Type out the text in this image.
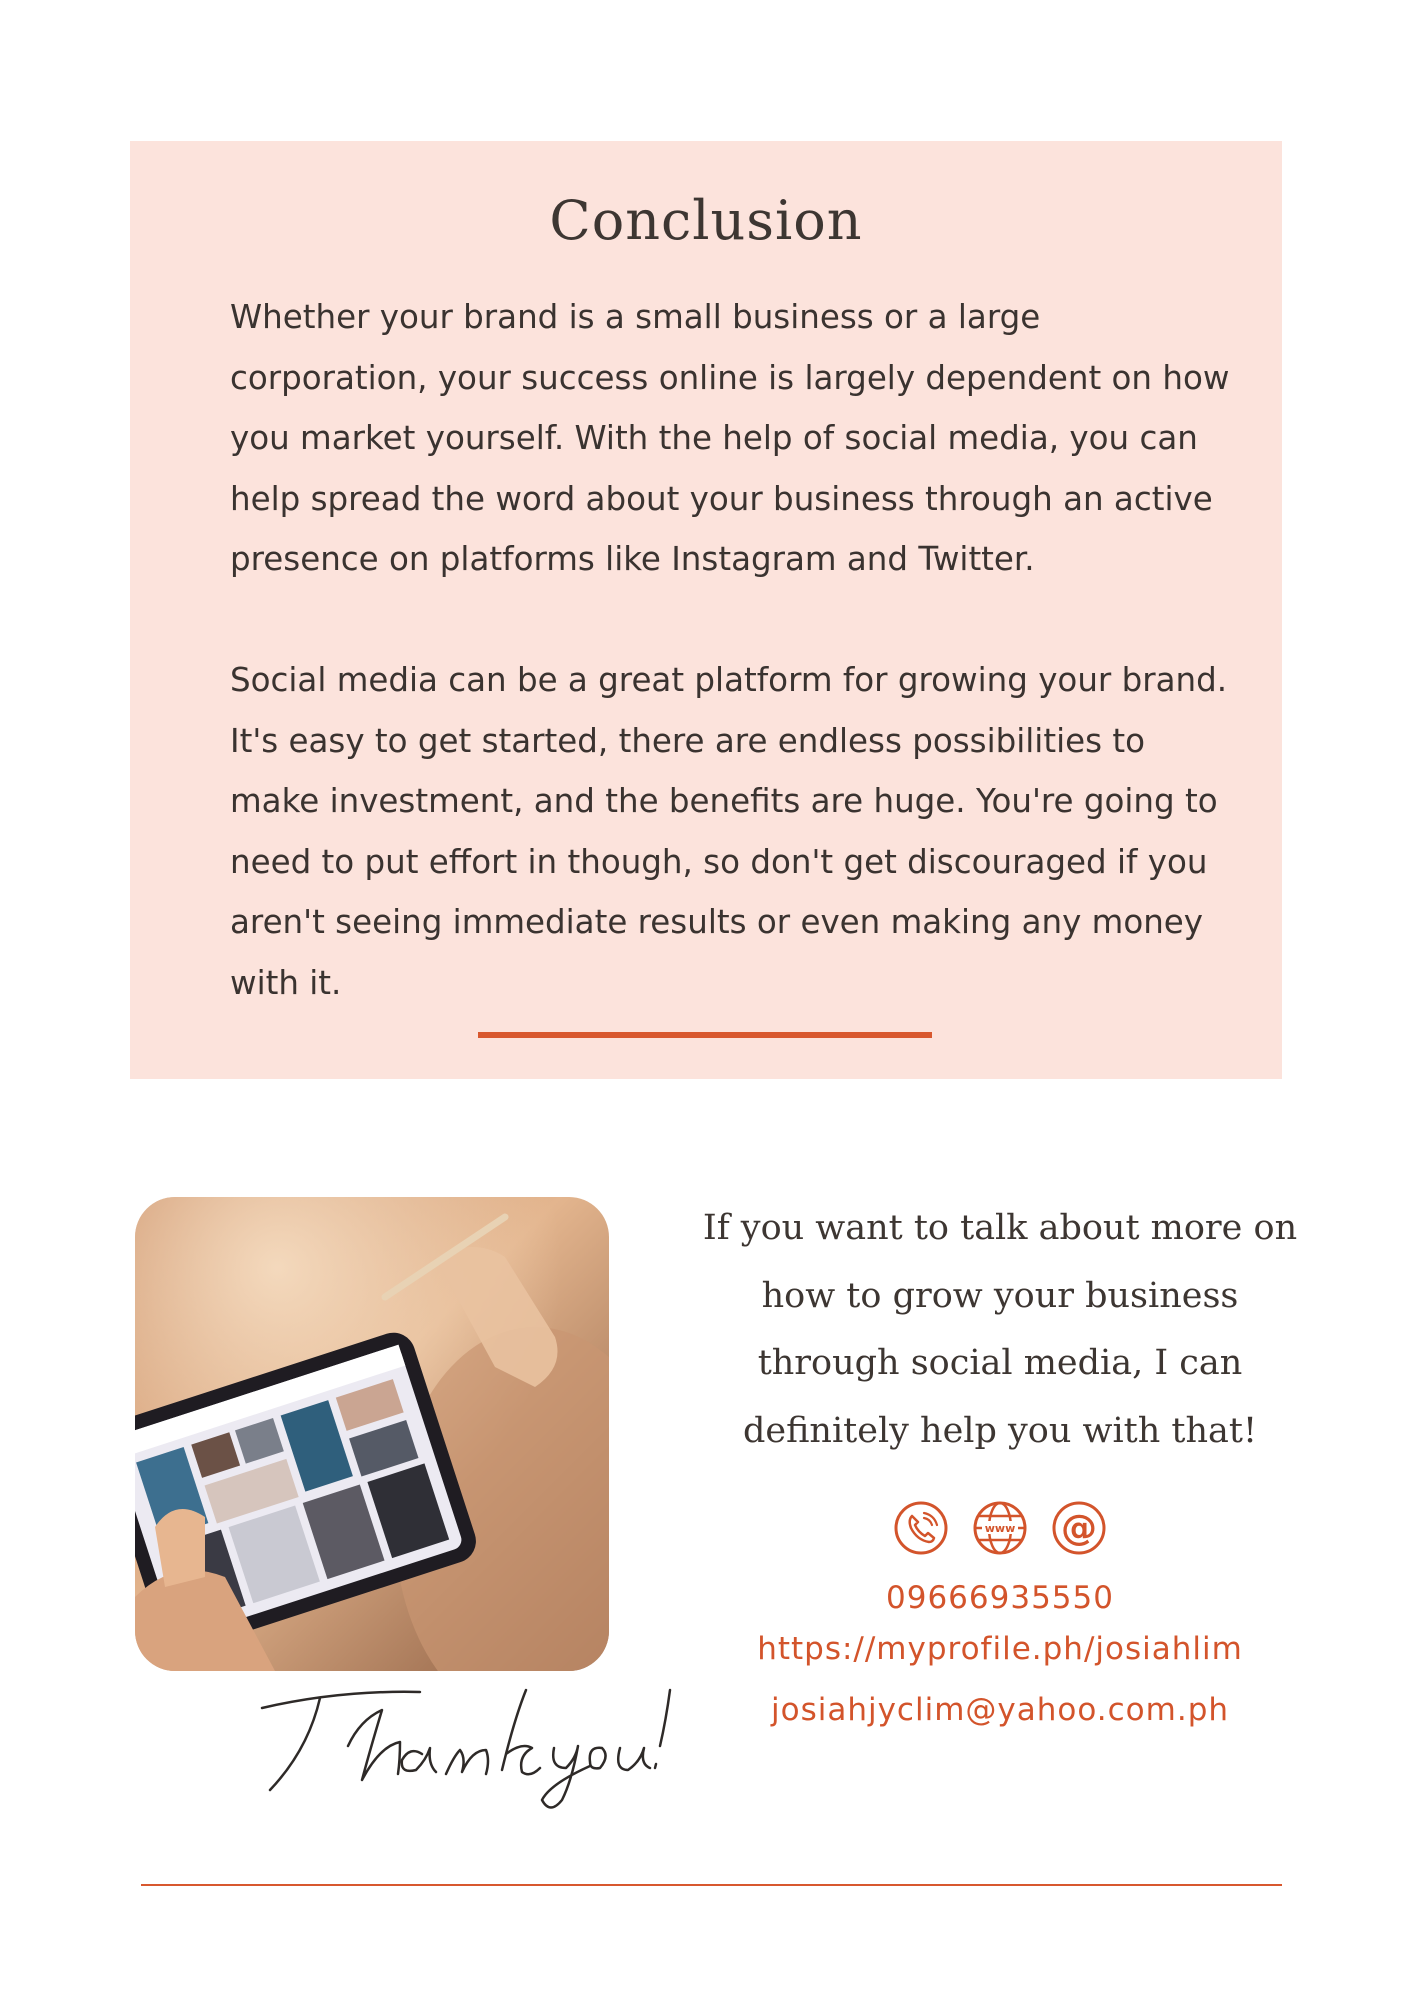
Conclusion

Whether your brand is a small business or a large corporation, your success online is largely dependent on how you market yourself. With the help of social media, you can help spread the word about your business through an active presence on platforms like Instagram and Twitter.

Social media can be a great platform for growing your brand. It's easy to get started, there are endless possibilities to make investment, and the benefits are huge. You're going to need to put effort in though, so don't get discouraged if you aren't seeing immediate results or even making any money with it.

If you want to talk about more on
how to grow your business
through social media, I can
definitely help you with that!
www @
09666935550
https://myprofile.ph/josiahlim
josiahjyclim@yahoo.com.ph
